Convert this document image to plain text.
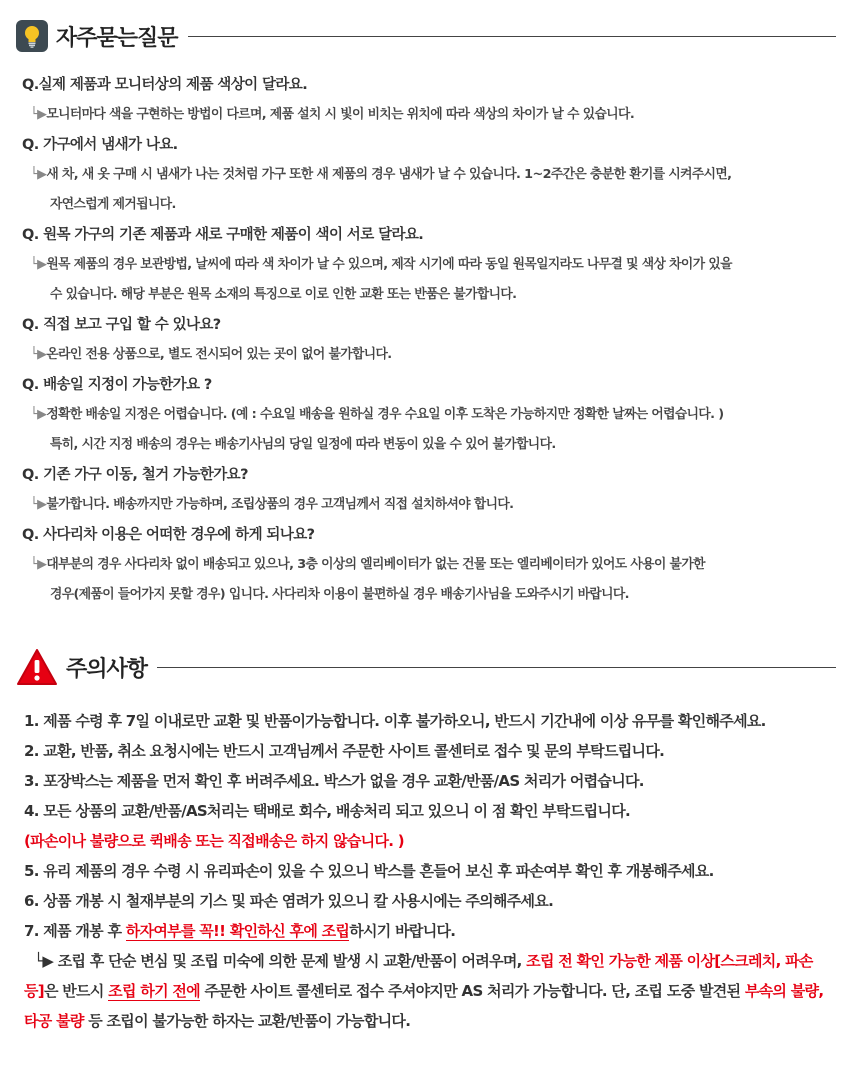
자주묻는질문
Q.실제 제품과 모니터상의 제품 색상이 달라요.
└▶모니터마다 색을 구현하는 방법이 다르며, 제품 설치 시 빛이 비치는 위치에 따라 색상의 차이가 날 수 있습니다.
Q. 가구에서 냄새가 나요.
└▶새 차, 새 옷 구매 시 냄새가 나는 것처럼 가구 또한 새 제품의 경우 냄새가 날 수 있습니다. 1~2주간은 충분한 환기를 시켜주시면,
자연스럽게 제거됩니다.
Q. 원목 가구의 기존 제품과 새로 구매한 제품이 색이 서로 달라요.
└▶원목 제품의 경우 보관방법, 날씨에 따라 색 차이가 날 수 있으며, 제작 시기에 따라 동일 원목일지라도 나무결 및 색상 차이가 있을
수 있습니다. 해당 부분은 원목 소재의 특징으로 이로 인한 교환 또는 반품은 불가합니다.
Q. 직접 보고 구입 할 수 있나요?
└▶온라인 전용 상품으로, 별도 전시되어 있는 곳이 없어 불가합니다.
Q. 배송일 지정이 가능한가요 ?
└▶정확한 배송일 지정은 어렵습니다. (예 : 수요일 배송을 원하실 경우 수요일 이후 도착은 가능하지만 정확한 날짜는 어렵습니다. )
특히, 시간 지정 배송의 경우는 배송기사님의 당일 일정에 따라 변동이 있을 수 있어 불가합니다.
Q. 기존 가구 이동, 철거 가능한가요?
└▶불가합니다. 배송까지만 가능하며, 조립상품의 경우 고객님께서 직접 설치하셔야 합니다.
Q. 사다리차 이용은 어떠한 경우에 하게 되나요?
└▶대부분의 경우 사다리차 없이 배송되고 있으나, 3층 이상의 엘리베이터가 없는 건물 또는 엘리베이터가 있어도 사용이 불가한
경우(제품이 들어가지 못할 경우) 입니다. 사다리차 이용이 불편하실 경우 배송기사님을 도와주시기 바랍니다.
주의사항
1. 제품 수령 후 7일 이내로만 교환 및 반품이가능합니다. 이후 불가하오니, 반드시 기간내에 이상 유무를 확인해주세요.
2. 교환, 반품, 취소 요청시에는 반드시 고객님께서 주문한 사이트 콜센터로 접수 및 문의 부탁드립니다.
3. 포장박스는 제품을 먼저 확인 후 버려주세요. 박스가 없을 경우 교환/반품/AS 처리가 어렵습니다.
4. 모든 상품의 교환/반품/AS처리는 택배로 회수, 배송처리 되고 있으니 이 점 확인 부탁드립니다.
(파손이나 불량으로 퀵배송 또는 직접배송은 하지 않습니다. )
5. 유리 제품의 경우 수령 시 유리파손이 있을 수 있으니 박스를 흔들어 보신 후 파손여부 확인 후 개봉해주세요.
6. 상품 개봉 시 철재부분의 기스 및 파손 염려가 있으니 칼 사용시에는 주의해주세요.
7. 제품 개봉 후 하자여부를 꼭!! 확인하신 후에 조립하시기 바랍니다.
└▶ 조립 후 단순 변심 및 조립 미숙에 의한 문제 발생 시 교환/반품이 어려우며, 조립 전 확인 가능한 제품 이상[스크레치, 파손
등]은 반드시 조립 하기 전에 주문한 사이트 콜센터로 접수 주셔야지만 AS 처리가 가능합니다. 단, 조립 도중 발견된 부속의 불량,
타공 불량 등 조립이 불가능한 하자는 교환/반품이 가능합니다.
